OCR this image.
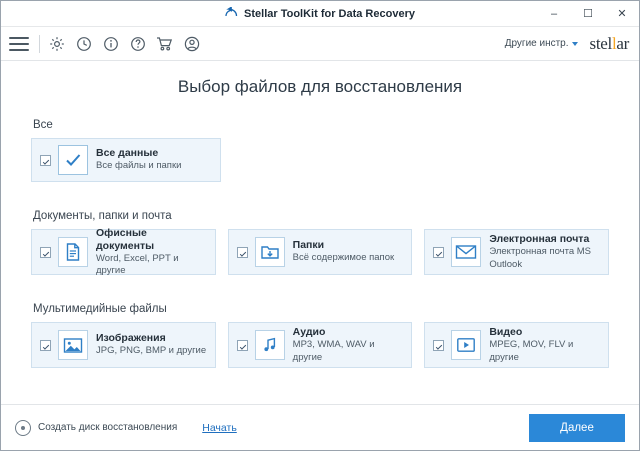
Stellar ToolKit for Data Recovery	–	☐	✕
Другие инстр. stellar
Выбор файлов для восстановления
Все
Все данные
Все файлы и папки
Документы, папки и почта
Офисные документы
Word, Excel, PPT и другие
Папки
Всё содержимое папок
Электронная почта
Электронная почта MS Outlook
Мультимедийные файлы
Изображения
JPG, PNG, BMP и другие
Аудио
MP3, WMA, WAV и другие
Видео
MPEG, MOV, FLV и другие
Создать диск восстановления Начать	Далее
